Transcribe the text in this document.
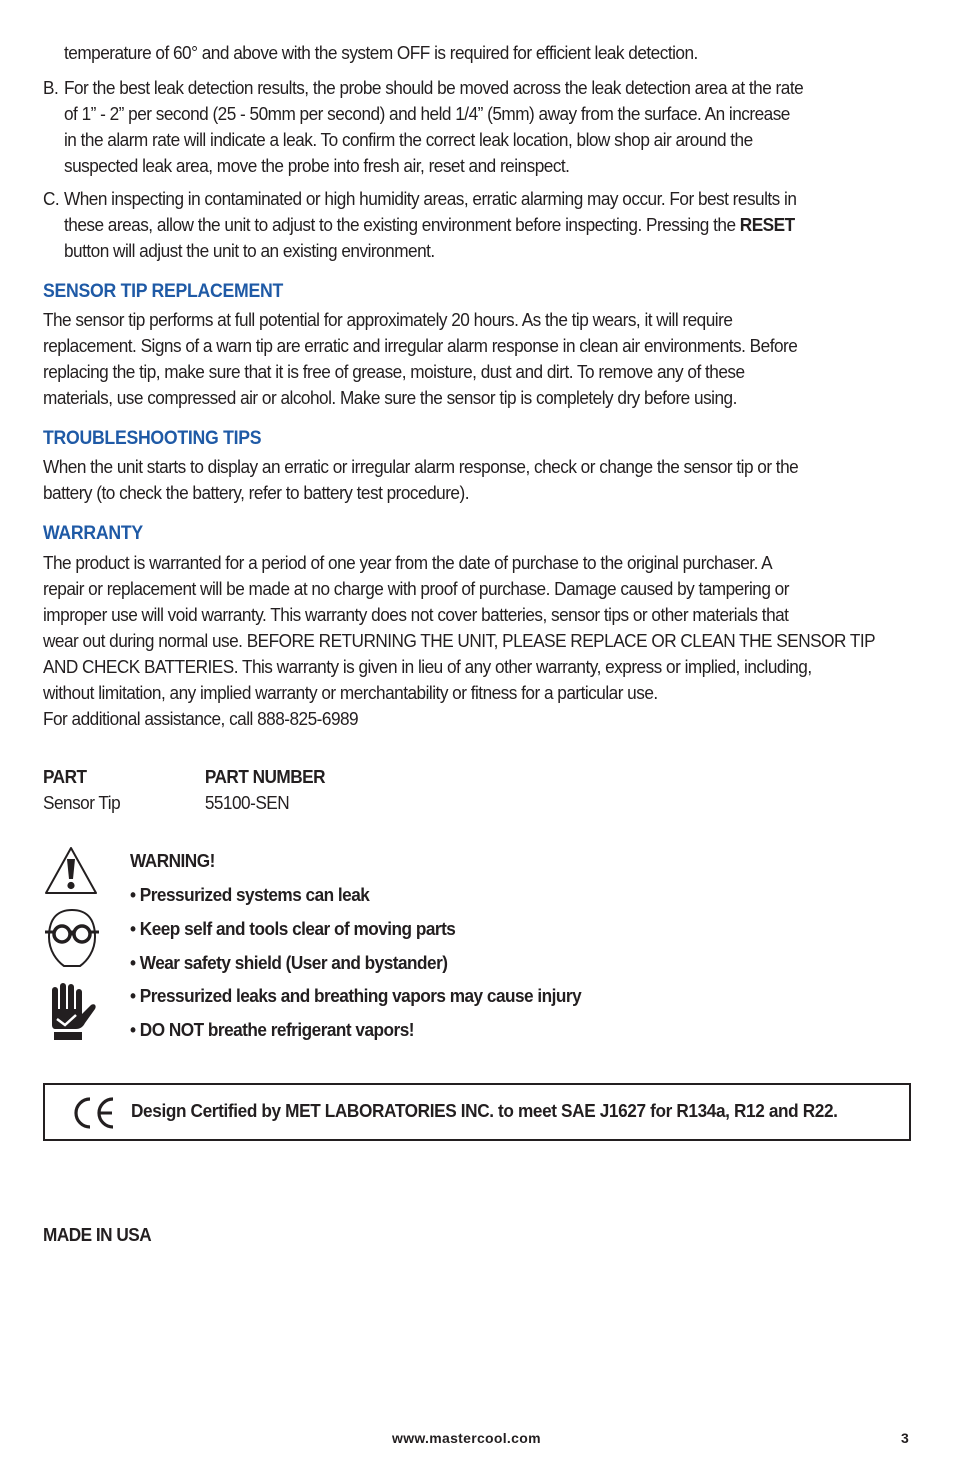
temperature of 60° and above with the system OFF is required for efficient leak detection.
B. For the best leak detection results, the probe should be moved across the leak detection area at the rate
of 1” - 2” per second (25 - 50mm per second) and held 1/4” (5mm) away from the surface. An increase
in the alarm rate will indicate a leak. To confirm the correct leak location, blow shop air around the
suspected leak area, move the probe into fresh air, reset and reinspect.
C. When inspecting in contaminated or high humidity areas, erratic alarming may occur. For best results in
these areas, allow the unit to adjust to the existing environment before inspecting. Pressing the RESET
button will adjust the unit to an existing environment.
SENSOR TIP REPLACEMENT
The sensor tip performs at full potential for approximately 20 hours. As the tip wears, it will require
replacement. Signs of a warn tip are erratic and irregular alarm response in clean air environments. Before
replacing the tip, make sure that it is free of grease, moisture, dust and dirt. To remove any of these
materials, use compressed air or alcohol. Make sure the sensor tip is completely dry before using.
TROUBLESHOOTING TIPS
When the unit starts to display an erratic or irregular alarm response, check or change the sensor tip or the
battery (to check the battery, refer to battery test procedure).
WARRANTY
The product is warranted for a period of one year from the date of purchase to the original purchaser. A
repair or replacement will be made at no charge with proof of purchase. Damage caused by tampering or
improper use will void warranty. This warranty does not cover batteries, sensor tips or other materials that
wear out during normal use. BEFORE RETURNING THE UNIT, PLEASE REPLACE OR CLEAN THE SENSOR TIP
AND CHECK BATTERIES. This warranty is given in lieu of any other warranty, express or implied, including,
without limitation, any implied warranty or merchantability or fitness for a particular use.
For additional assistance, call 888-825-6989
PART	PART NUMBER
Sensor Tip	55100-SEN
WARNING!
• Pressurized systems can leak
• Keep self and tools clear of moving parts
• Wear safety shield (User and bystander)
• Pressurized leaks and breathing vapors may cause injury
• DO NOT breathe refrigerant vapors!
Design Certified by MET LABORATORIES INC. to meet SAE J1627 for R134a, R12 and R22.
MADE IN USA
www.mastercool.com	3
